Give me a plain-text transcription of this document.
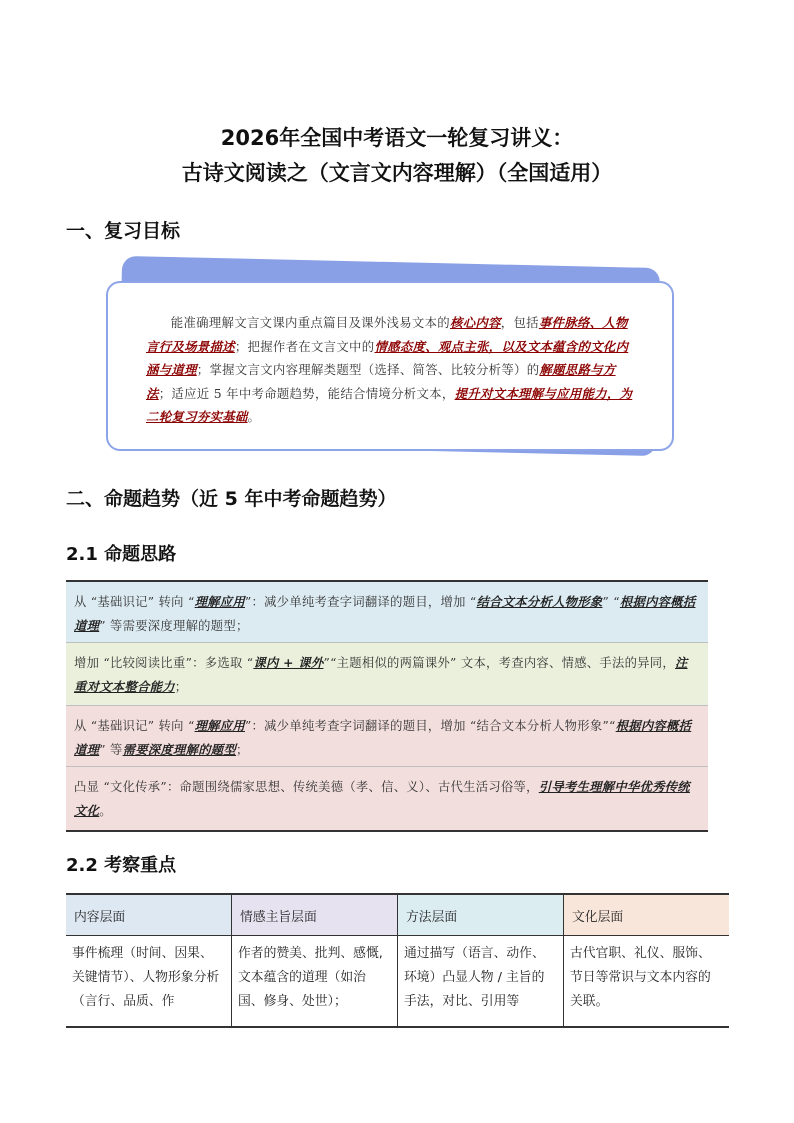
2026年全国中考语文一轮复习讲义：
古诗文阅读之（文言文内容理解）（全国适用）
一、复习目标

能准确理解文言文课内重点篇目及课外浅易文本的核心内容，包括事件脉络、人物言行及场景描述；把握作者在文言文中的情感态度、观点主张，以及文本蕴含的文化内涵与道理；掌握文言文内容理解类题型（选择、简答、比较分析等）的解题思路与方法；适应近 5 年中考命题趋势，能结合情境分析文本，提升对文本理解与应用能力，为二轮复习夯实基础。

二、命题趋势（近 5 年中考命题趋势）
2.1 命题思路
从 “基础识记” 转向 “理解应用”：减少单纯考查字词翻译的题目，增加 “结合文本分析人物形象” “根据内容概括道理” 等需要深度理解的题型；
增加 “比较阅读比重”：多选取 “课内 + 课外”“主题相似的两篇课外” 文本，考查内容、情感、手法的异同，注重对文本整合能力；
从 “基础识记” 转向 “理解应用”：减少单纯考查字词翻译的题目，增加 “结合文本分析人物形象”“根据内容概括道理” 等需要深度理解的题型；
凸显 “文化传承”：命题围绕儒家思想、传统美德（孝、信、义）、古代生活习俗等，引导考生理解中华优秀传统文化。
2.2 考察重点
内容层面	情感主旨层面	方法层面	文化层面
事件梳理（时间、因果、关键情节）、人物形象分析（言行、品质、作	作者的赞美、批判、感慨, 文本蕴含的道理（如治国、修身、处世）；	通过描写（语言、动作、环境）凸显人物 / 主旨的手法，对比、引用等	古代官职、礼仪、服饰、节日等常识与文本内容的关联。
